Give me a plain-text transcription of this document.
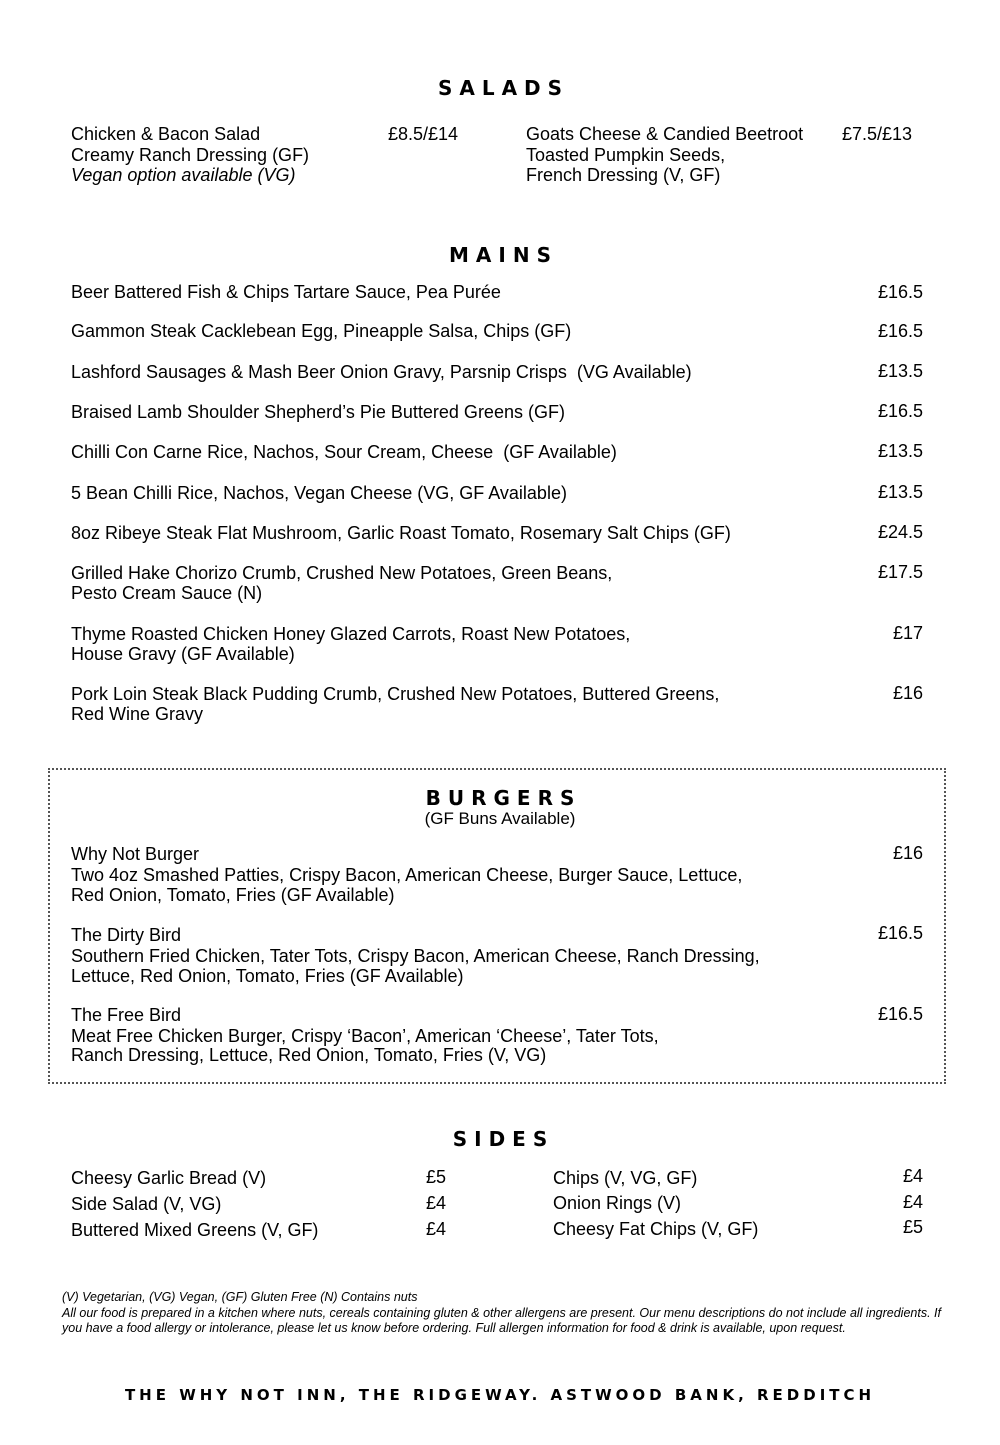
SALADS
Chicken & Bacon Salad	£8.5/£14
Creamy Ranch Dressing (GF)
Vegan option available (VG)
Goats Cheese & Candied Beetroot £7.5/£13
Toasted Pumpkin Seeds,
French Dressing (V, GF)
MAINS
Beer Battered Fish & Chips Tartare Sauce, Pea Purée	£16.5
Gammon Steak Cacklebean Egg, Pineapple Salsa, Chips (GF)	£16.5
Lashford Sausages & Mash Beer Onion Gravy, Parsnip Crisps  (VG Available)	£13.5
Braised Lamb Shoulder Shepherd’s Pie Buttered Greens (GF)	£16.5
Chilli Con Carne Rice, Nachos, Sour Cream, Cheese  (GF Available)	£13.5
5 Bean Chilli Rice, Nachos, Vegan Cheese (VG, GF Available)	£13.5
8oz Ribeye Steak Flat Mushroom, Garlic Roast Tomato, Rosemary Salt Chips (GF)	£24.5
Grilled Hake Chorizo Crumb, Crushed New Potatoes, Green Beans,
Pesto Cream Sauce (N)
£17.5
Thyme Roasted Chicken Honey Glazed Carrots, Roast New Potatoes,
House Gravy (GF Available)
£17
Pork Loin Steak Black Pudding Crumb, Crushed New Potatoes, Buttered Greens,
Red Wine Gravy
£16
BURGERS
(GF Buns Available)
Why Not Burger	£16
Two 4oz Smashed Patties, Crispy Bacon, American Cheese, Burger Sauce, Lettuce,
Red Onion, Tomato, Fries (GF Available)
The Dirty Bird	£16.5
Southern Fried Chicken, Tater Tots, Crispy Bacon, American Cheese, Ranch Dressing,
Lettuce, Red Onion, Tomato, Fries (GF Available)
The Free Bird	£16.5
Meat Free Chicken Burger, Crispy ‘Bacon’, American ‘Cheese’, Tater Tots,
Ranch Dressing, Lettuce, Red Onion, Tomato, Fries (V, VG)
SIDES
Cheesy Garlic Bread (V)	£5
Side Salad (V, VG)	£4
Buttered Mixed Greens (V, GF)	£4
Chips (V, VG, GF)	£4
Onion Rings (V)	£4
Cheesy Fat Chips (V, GF)	£5
(V) Vegetarian, (VG) Vegan, (GF) Gluten Free (N) Contains nuts
All our food is prepared in a kitchen where nuts, cereals containing gluten & other allergens are present. Our menu descriptions do not include all ingredients. If you have a food allergy or intolerance, please let us know before ordering. Full allergen information for food & drink is available, upon request.
THE WHY NOT INN, THE RIDGEWAY. ASTWOOD BANK, REDDITCH
